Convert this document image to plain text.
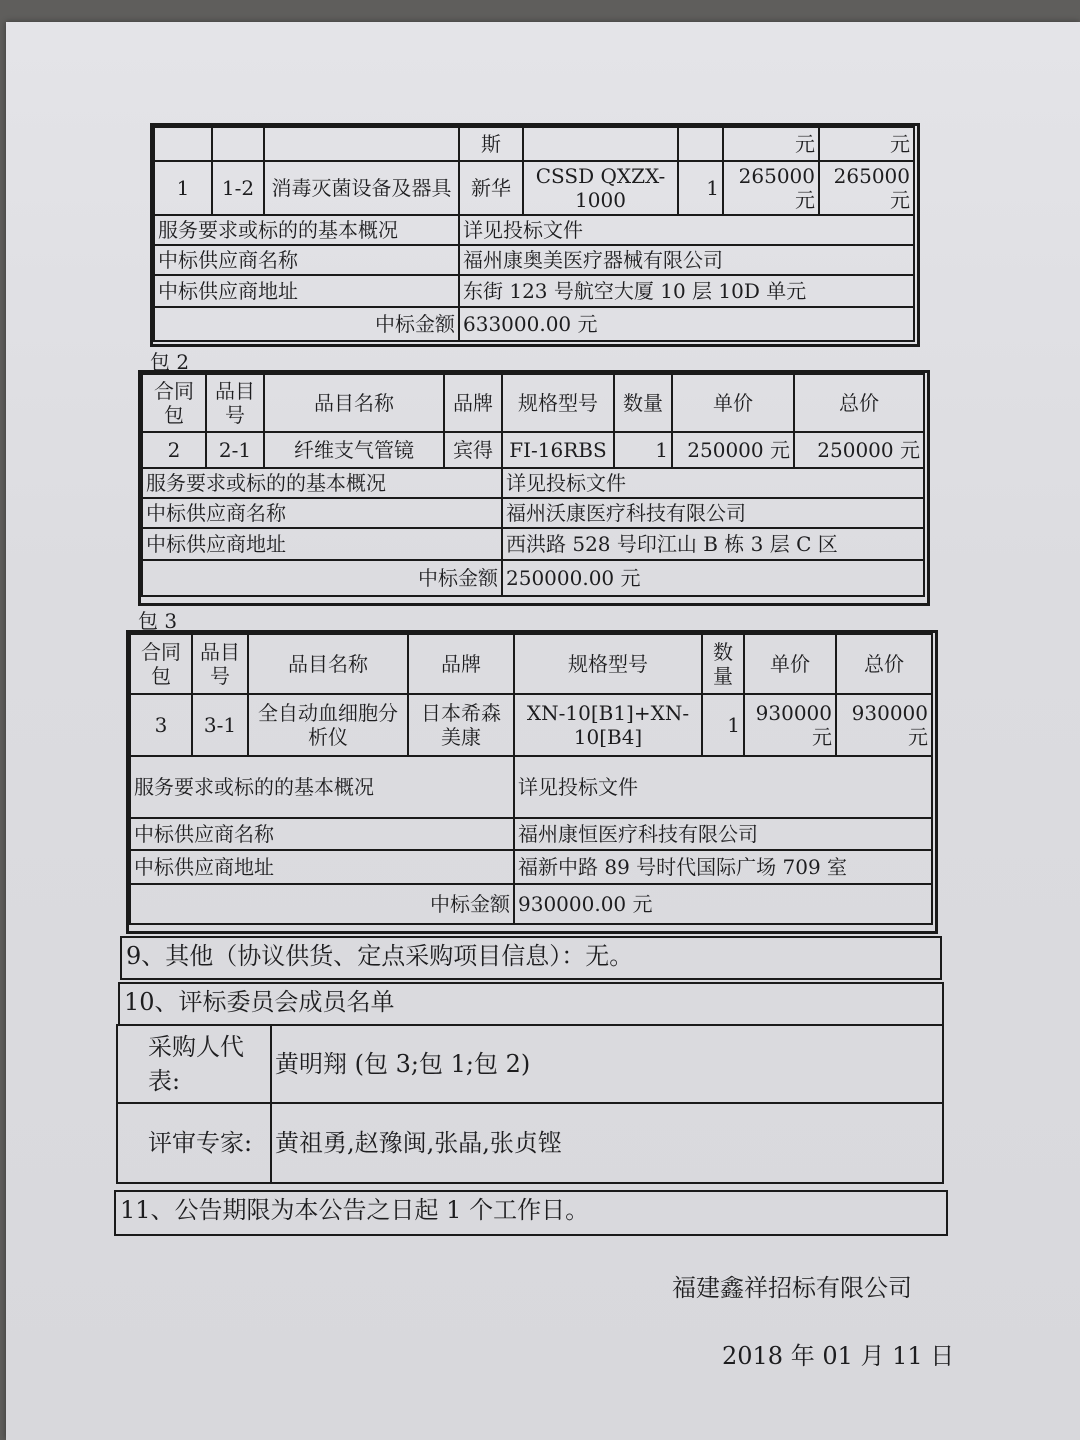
			斯			元	元
1	1-2	消毒灭菌设备及器具	新华	CSSD QXZX-1000	1	265000元	265000元
服务要求或标的的基本概况			详见投标文件				
中标供应商名称			福州康奥美医疗器械有限公司				
中标供应商地址			东街 123 号航空大厦 10 层 10D 单元				
中标金额			633000.00 元				
包 2
合同包	品目号	品目名称	品牌	规格型号	数量	单价	总价
2	2-1	纤维支气管镜	宾得	FI-16RBS	1	250000 元	250000 元
服务要求或标的的基本概况				详见投标文件			
中标供应商名称				福州沃康医疗科技有限公司			
中标供应商地址				西洪路 528 号印江山 B 栋 3 层 C 区			
中标金额				250000.00 元			
包 3
合同包	品目号	品目名称	品牌	规格型号	数量	单价	总价
3	3-1	全自动血细胞分析仪	日本希森美康	XN-10[B1]+XN-10[B4]	1	930000元	930000元
服务要求或标的的基本概况				详见投标文件			
中标供应商名称				福州康恒医疗科技有限公司			
中标供应商地址				福新中路 89 号时代国际广场 709 室			
中标金额				930000.00 元			
9、其他（协议供货、定点采购项目信息）：无。
10、评标委员会成员名单
采购人代表:	黄明翔 (包 3;包 1;包 2)
评审专家:	黄祖勇,赵豫闽,张晶,张贞铿
11、公告期限为本公告之日起 1 个工作日。
福建鑫祥招标有限公司
2018 年 01 月 11 日
